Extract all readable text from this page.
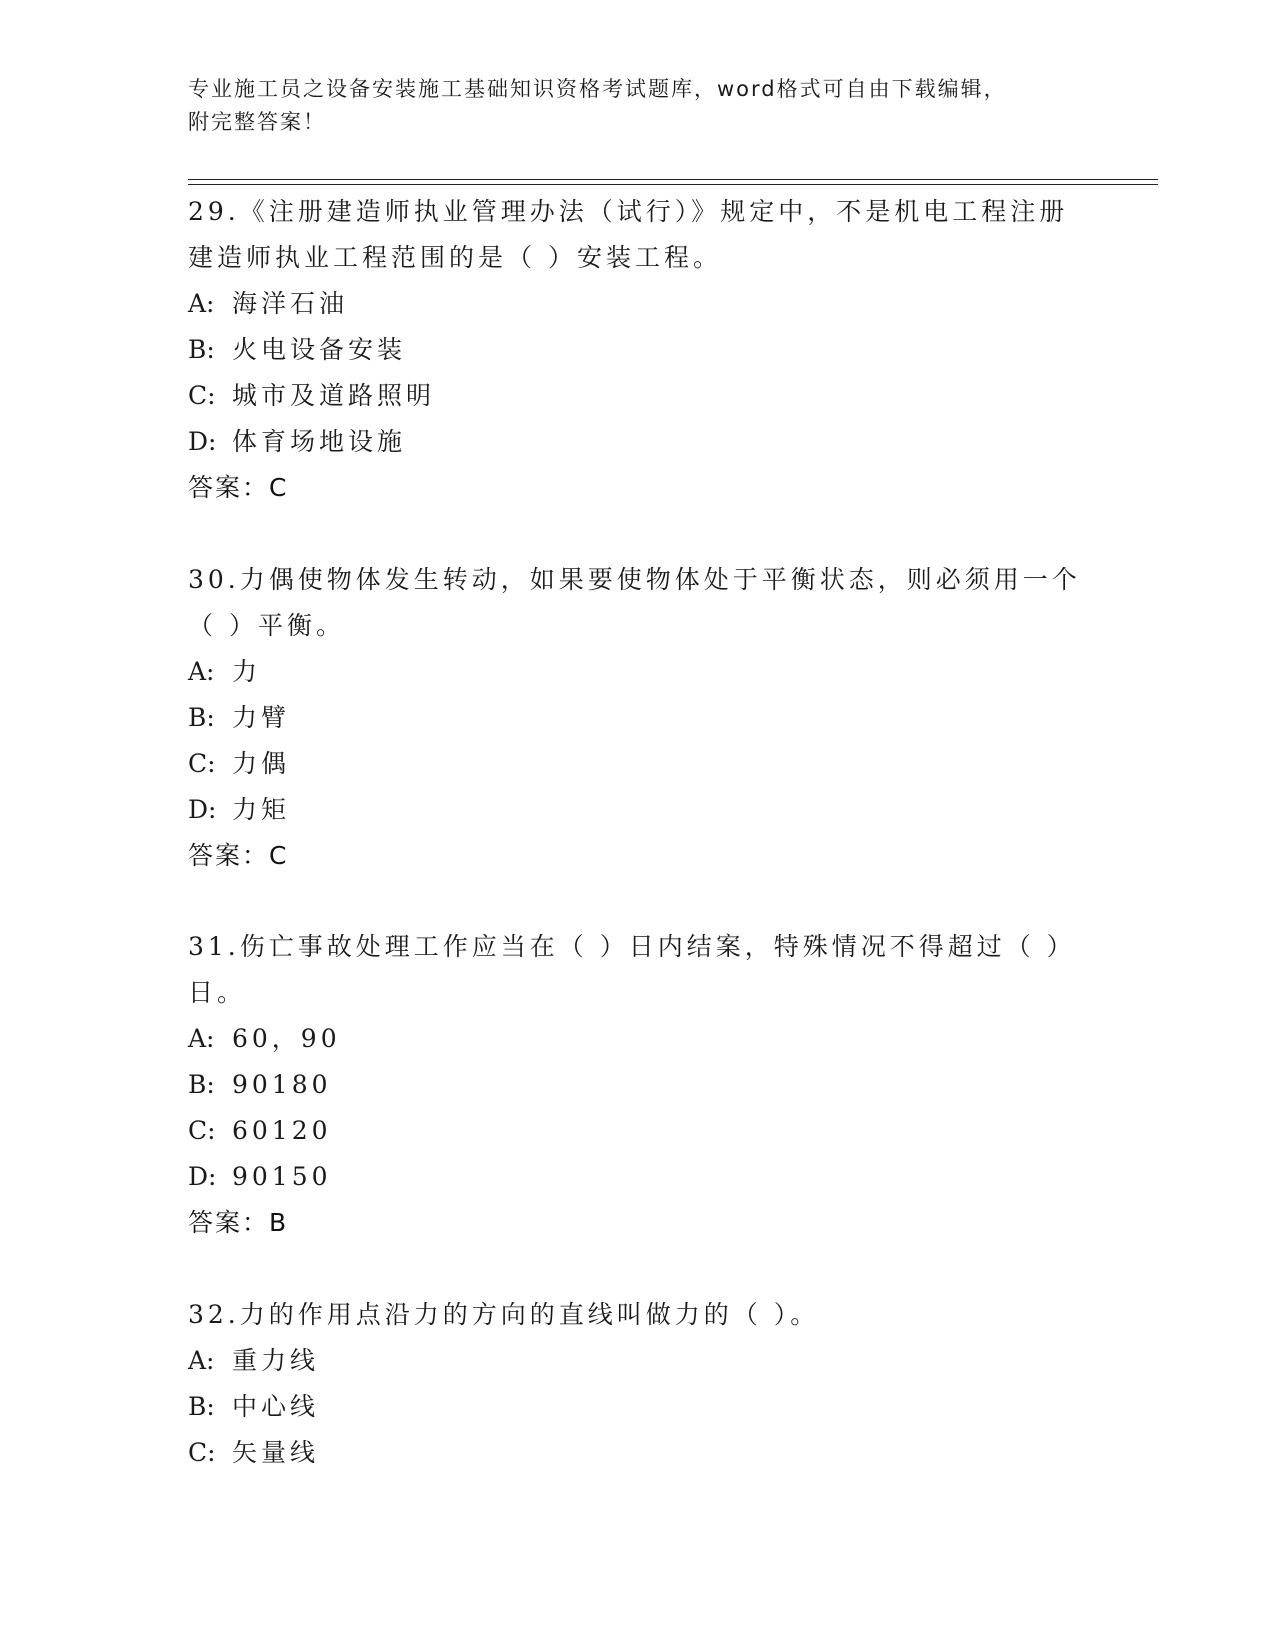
专业施工员之设备安装施工基础知识资格考试题库，word格式可自由下载编辑，
附完整答案！
29.《注册建造师执业管理办法（试行）》规定中，不是机电工程注册
建造师执业工程范围的是（ ）安装工程。
A: 海洋石油
B: 火电设备安装
C: 城市及道路照明
D: 体育场地设施
答案：C
30.力偶使物体发生转动，如果要使物体处于平衡状态，则必须用一个
（ ）平衡。
A: 力
B: 力臂
C: 力偶
D: 力矩
答案：C
31.伤亡事故处理工作应当在（ ）日内结案，特殊情况不得超过（ ）
日。
A: 60，90
B: 90180
C: 60120
D: 90150
答案：B
32.力的作用点沿力的方向的直线叫做力的（ ）。
A: 重力线
B: 中心线
C: 矢量线
